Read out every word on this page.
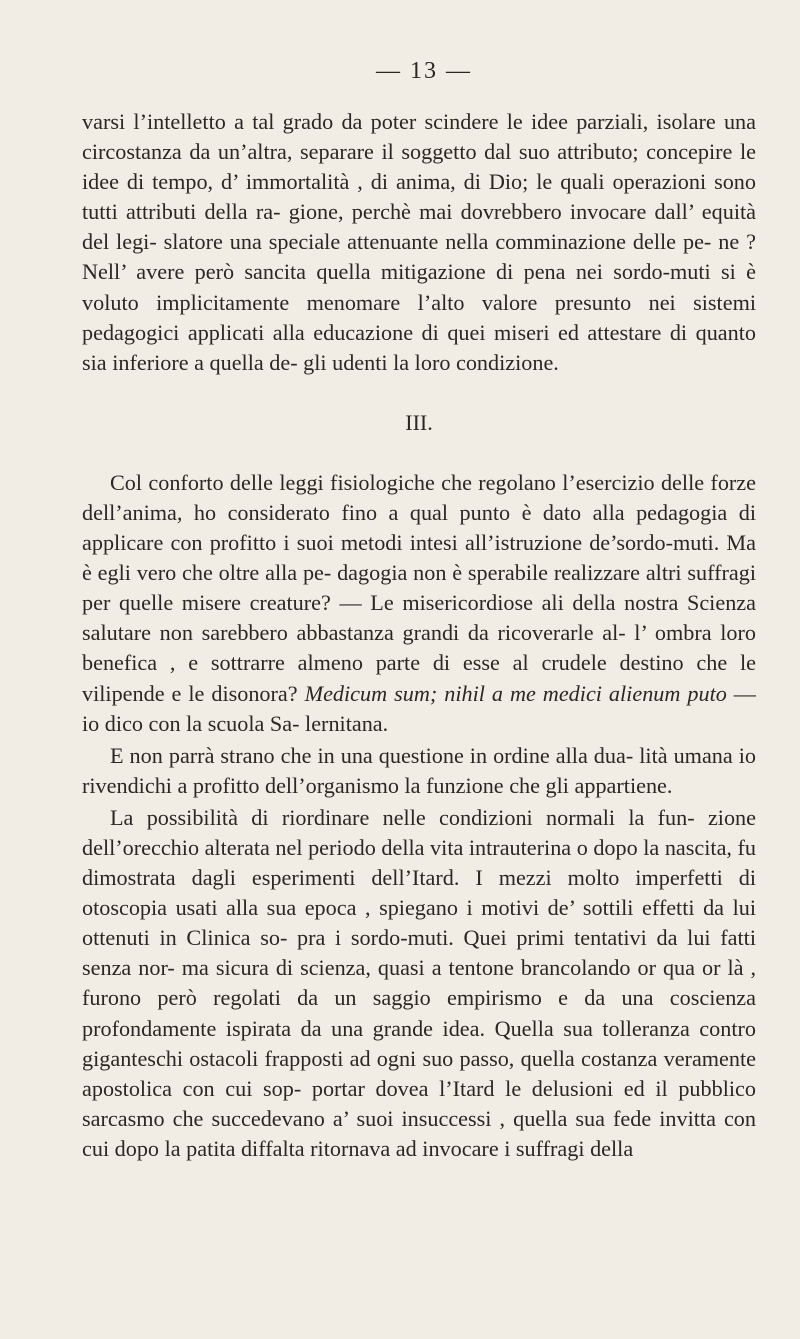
— 13 —

varsi l’intelletto a tal grado da poter scindere le idee parziali, isolare una circostanza da un’altra, separare il soggetto dal suo attributo; concepire le idee di tempo, d’ immortalità , di anima, di Dio; le quali operazioni sono tutti attributi della ra- gione, perchè mai dovrebbero invocare dall’ equità del legi- slatore una speciale attenuante nella comminazione delle pe- ne ? Nell’ avere però sancita quella mitigazione di pena nei sordo-muti si è voluto implicitamente menomare l’alto valore presunto nei sistemi pedagogici applicati alla educazione di quei miseri ed attestare di quanto sia inferiore a quella de- gli udenti la loro condizione.

III.

Col conforto delle leggi fisiologiche che regolano l’esercizio delle forze dell’anima, ho considerato fino a qual punto è dato alla pedagogia di applicare con profitto i suoi metodi intesi all’istruzione de’sordo-muti. Ma è egli vero che oltre alla pe- dagogia non è sperabile realizzare altri suffragi per quelle misere creature? — Le misericordiose ali della nostra Scienza salutare non sarebbero abbastanza grandi da ricoverarle al- l’ ombra loro benefica , e sottrarre almeno parte di esse al crudele destino che le vilipende e le disonora? Medicum sum; nihil a me medici alienum puto — io dico con la scuola Sa- lernitana.

E non parrà strano che in una questione in ordine alla dua- lità umana io rivendichi a profitto dell’organismo la funzione che gli appartiene.

La possibilità di riordinare nelle condizioni normali la fun- zione dell’orecchio alterata nel periodo della vita intrauterina o dopo la nascita, fu dimostrata dagli esperimenti dell’Itard. I mezzi molto imperfetti di otoscopia usati alla sua epoca , spiegano i motivi de’ sottili effetti da lui ottenuti in Clinica so- pra i sordo-muti. Quei primi tentativi da lui fatti senza nor- ma sicura di scienza, quasi a tentone brancolando or qua or là , furono però regolati da un saggio empirismo e da una coscienza profondamente ispirata da una grande idea. Quella sua tolleranza contro giganteschi ostacoli frapposti ad ogni suo passo, quella costanza veramente apostolica con cui sop- portar dovea l’Itard le delusioni ed il pubblico sarcasmo che succedevano a’ suoi insuccessi , quella sua fede invitta con cui dopo la patita diffalta ritornava ad invocare i suffragi della
